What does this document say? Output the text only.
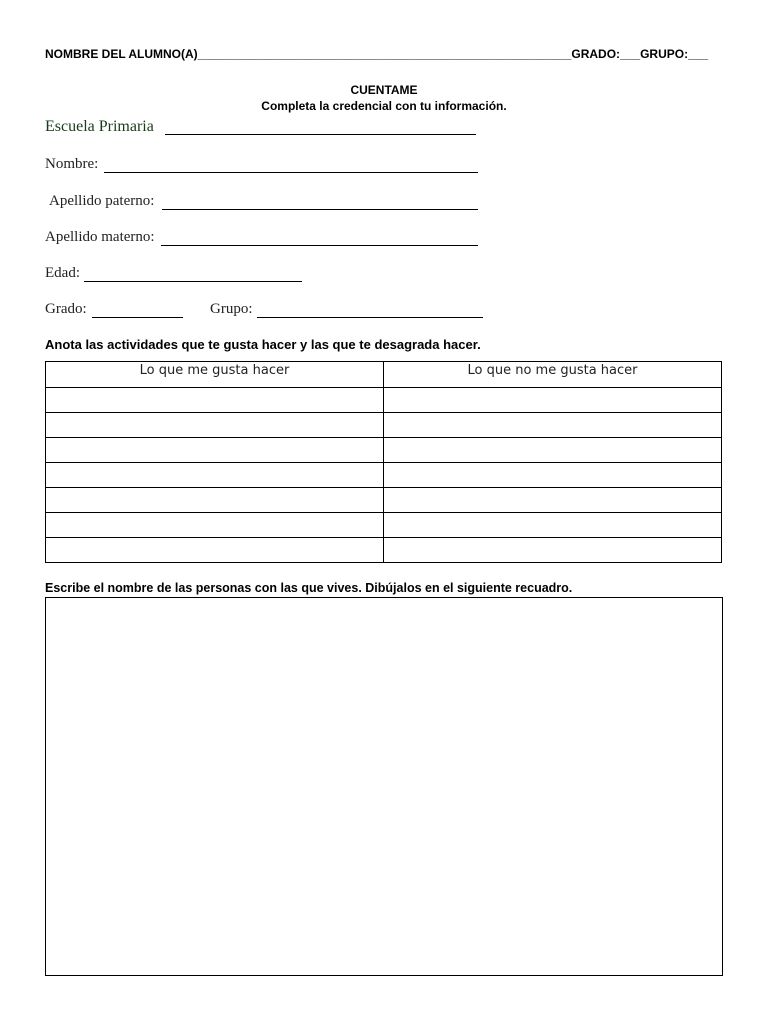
NOMBRE DEL ALUMNO(A)________________________________________________________GRADO:___GRUPO:___
CUENTAME
Completa la credencial con tu información.
Escuela Primaria
Nombre:
Apellido paterno:
Apellido materno:
Edad:
Grado:	Grupo:
Anota las actividades que te gusta hacer y las que te desagrada hacer.
Lo que me gusta hacer	Lo que no me gusta hacer

Escribe el nombre de las personas con las que vives. Dibújalos en el siguiente recuadro.
